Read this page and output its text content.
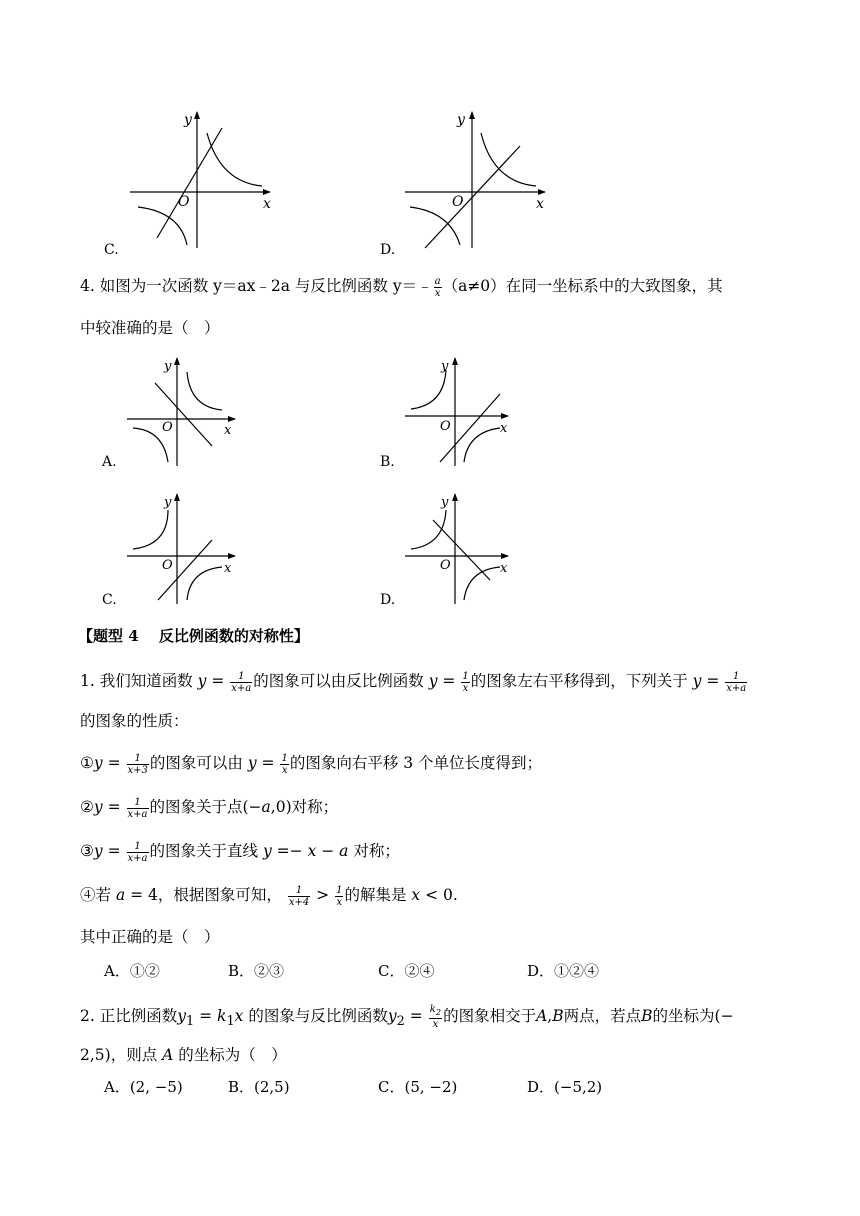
y
x
O
y
x
O
y
x
O
y
x
O
y
x
O
y
x
O
C.	D.
4. 如图为一次函数 y＝ax﹣2a 与反比例函数 y＝﹣ $\frac{a}{x} (a\ne 0)$在同一坐标系中的大致图象，其
中较准确的是（　）
A.	B.
C.	D.
【题型 4　 反比例函数的对称性】
1. 我们知道函数 $y = \frac{1}{x+a}$ 的图象可以由反比例函数 $y = \frac{1}{x}$ 的图象左右平移得到，下列关于 $y = \frac{1}{x+a}$
的图象的性质：
①y = $\frac{1}{x+3}$ 的图象可以由 $y = \frac{1}{x}$ 的图象向右平移 3 个单位长度得到；
②y = $\frac{1}{x+a}$ 的图象关于点(−a,0)对称；
③y = $\frac{1}{x+a}$ 的图象关于直线 y =− x − a 对称；
④若 a = 4，根据图象可知， $\frac{1}{x+4} > \frac{1}{x}$ 的解集是 x < 0.
其中正确的是（　）
A．①②	B．②③	C．②④	D．①②④
2. 正比例函数$y_1 = k_1x$ 的图象与反比例函数$y_2 = \frac{k_2}{x}$ 的图象相交于A,B两点，若点B的坐标为(−
2,5)，则点 A 的坐标为（　）
A．(2, −5)	B．(2,5)	C．(5, −2)	D．(−5,2)
